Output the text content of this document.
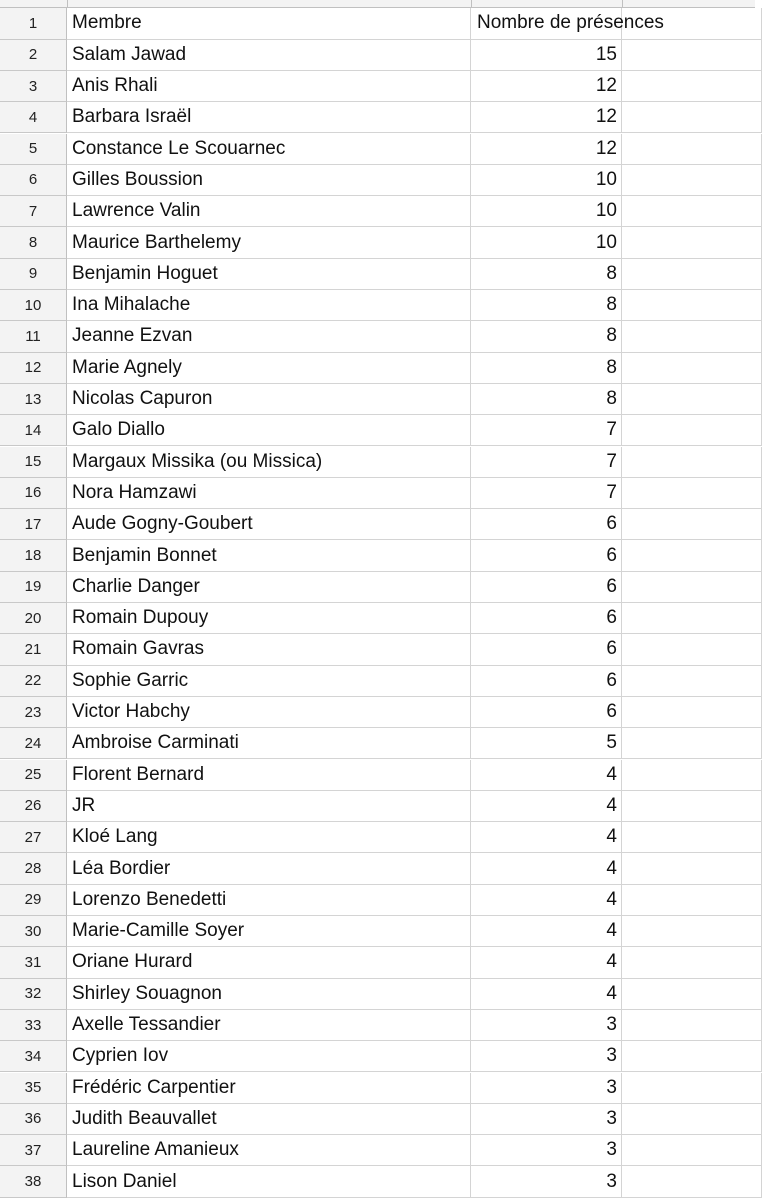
1	Membre	Nombre de présences
2	Salam Jawad	15
3	Anis Rhali	12
4	Barbara Israël	12
5	Constance Le Scouarnec	12
6	Gilles Boussion	10
7	Lawrence Valin	10
8	Maurice Barthelemy	10
9	Benjamin Hoguet	8
10	Ina Mihalache	8
11	Jeanne Ezvan	8
12	Marie Agnely	8
13	Nicolas Capuron	8
14	Galo Diallo	7
15	Margaux Missika (ou Missica)	7
16	Nora Hamzawi	7
17	Aude Gogny-Goubert	6
18	Benjamin Bonnet	6
19	Charlie Danger	6
20	Romain Dupouy	6
21	Romain Gavras	6
22	Sophie Garric	6
23	Victor Habchy	6
24	Ambroise Carminati	5
25	Florent Bernard	4
26	JR	4
27	Kloé Lang	4
28	Léa Bordier	4
29	Lorenzo Benedetti	4
30	Marie-Camille Soyer	4
31	Oriane Hurard	4
32	Shirley Souagnon	4
33	Axelle Tessandier	3
34	Cyprien Iov	3
35	Frédéric Carpentier	3
36	Judith Beauvallet	3
37	Laureline Amanieux	3
38	Lison Daniel	3
